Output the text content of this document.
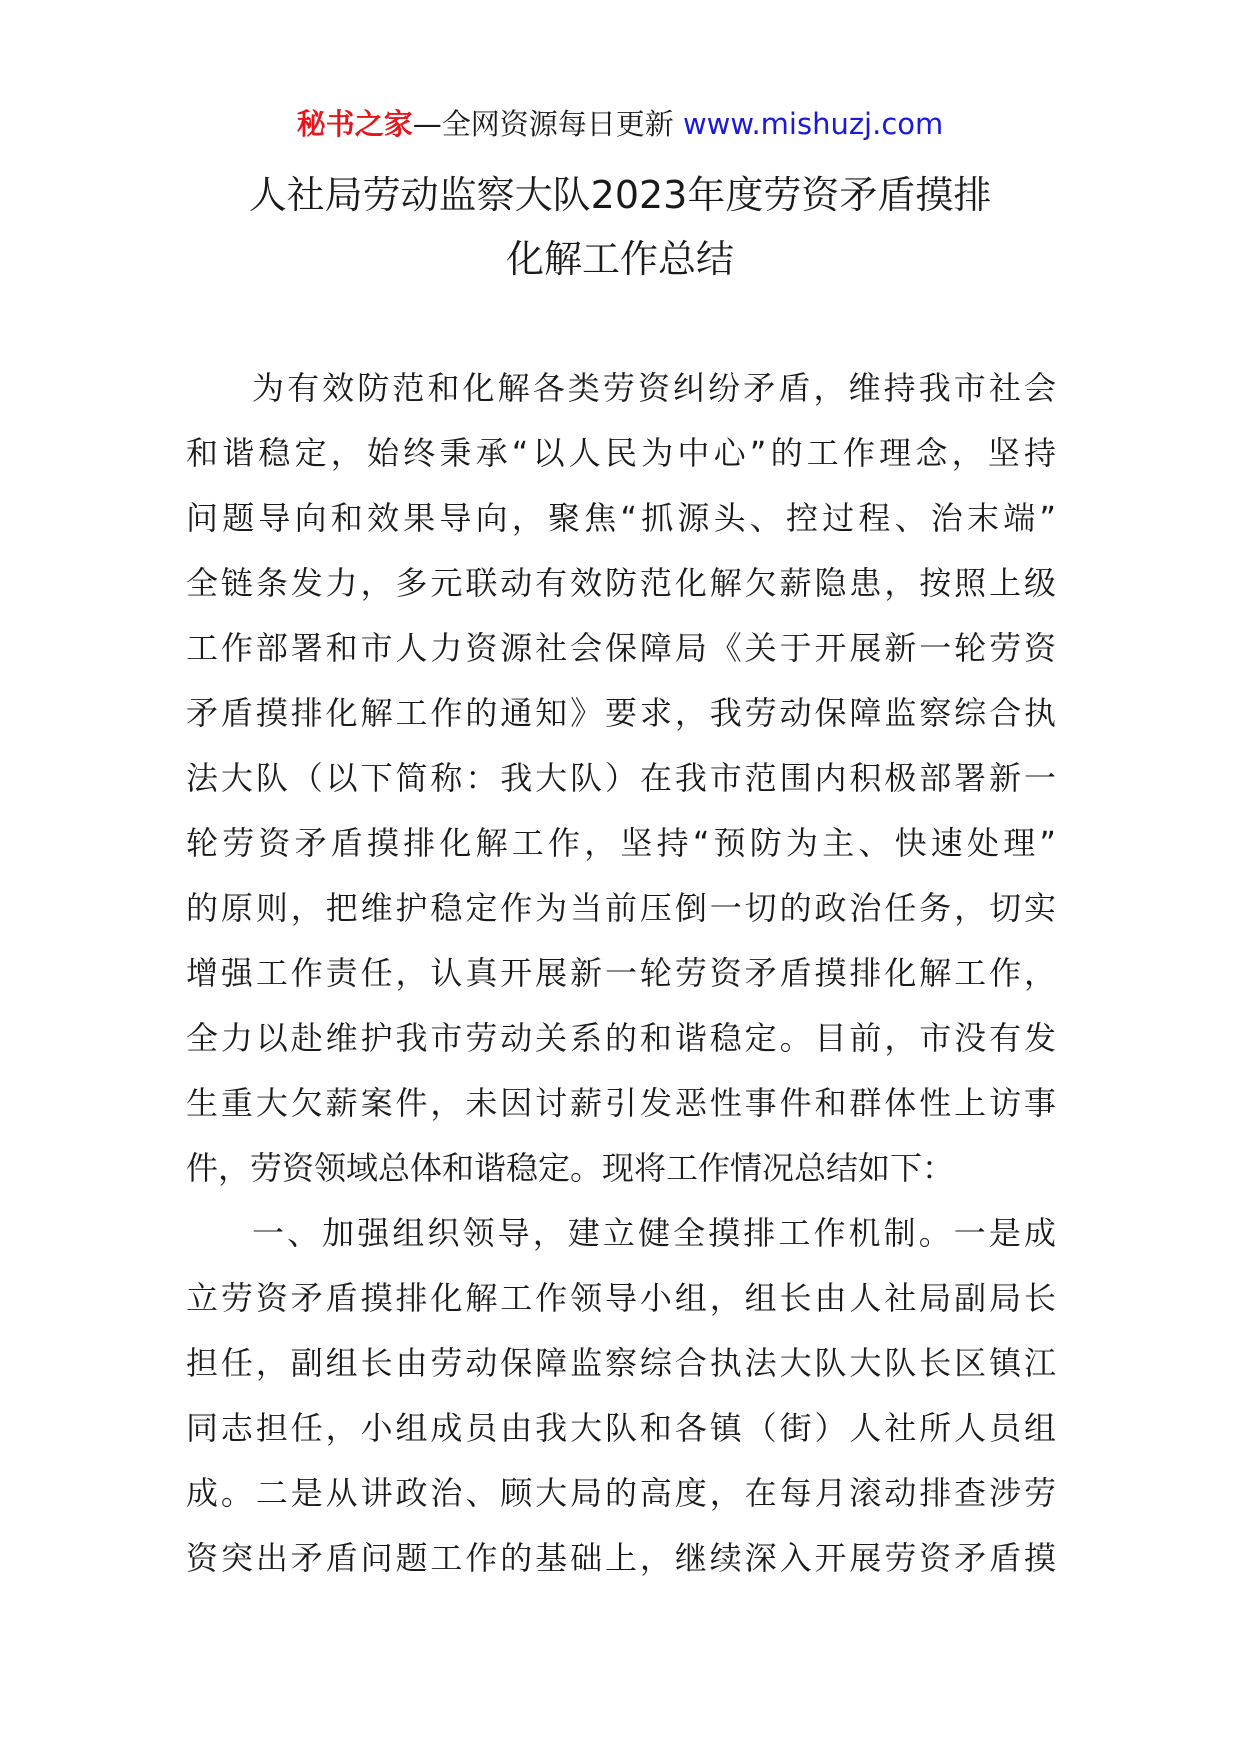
秘书之家—全网资源每日更新 www.mishuzj.com
人社局劳动监察大队2023年度劳资矛盾摸排
化解工作总结
为有效防范和化解各类劳资纠纷矛盾，维持我市社会
和谐稳定，始终秉承“以人民为中心”的工作理念，坚持
问题导向和效果导向，聚焦“抓源头、控过程、治末端”
全链条发力，多元联动有效防范化解欠薪隐患，按照上级
工作部署和市人力资源社会保障局《关于开展新一轮劳资
矛盾摸排化解工作的通知》要求，我劳动保障监察综合执
法大队（以下简称：我大队）在我市范围内积极部署新一
轮劳资矛盾摸排化解工作，坚持“预防为主、快速处理”
的原则，把维护稳定作为当前压倒一切的政治任务，切实
增强工作责任，认真开展新一轮劳资矛盾摸排化解工作，
全力以赴维护我市劳动关系的和谐稳定。目前，市没有发
生重大欠薪案件，未因讨薪引发恶性事件和群体性上访事
件，劳资领域总体和谐稳定。现将工作情况总结如下：
一、加强组织领导，建立健全摸排工作机制。一是成
立劳资矛盾摸排化解工作领导小组，组长由人社局副局长
担任，副组长由劳动保障监察综合执法大队大队长区镇江
同志担任，小组成员由我大队和各镇（街）人社所人员组
成。二是从讲政治、顾大局的高度，在每月滚动排查涉劳
资突出矛盾问题工作的基础上，继续深入开展劳资矛盾摸
